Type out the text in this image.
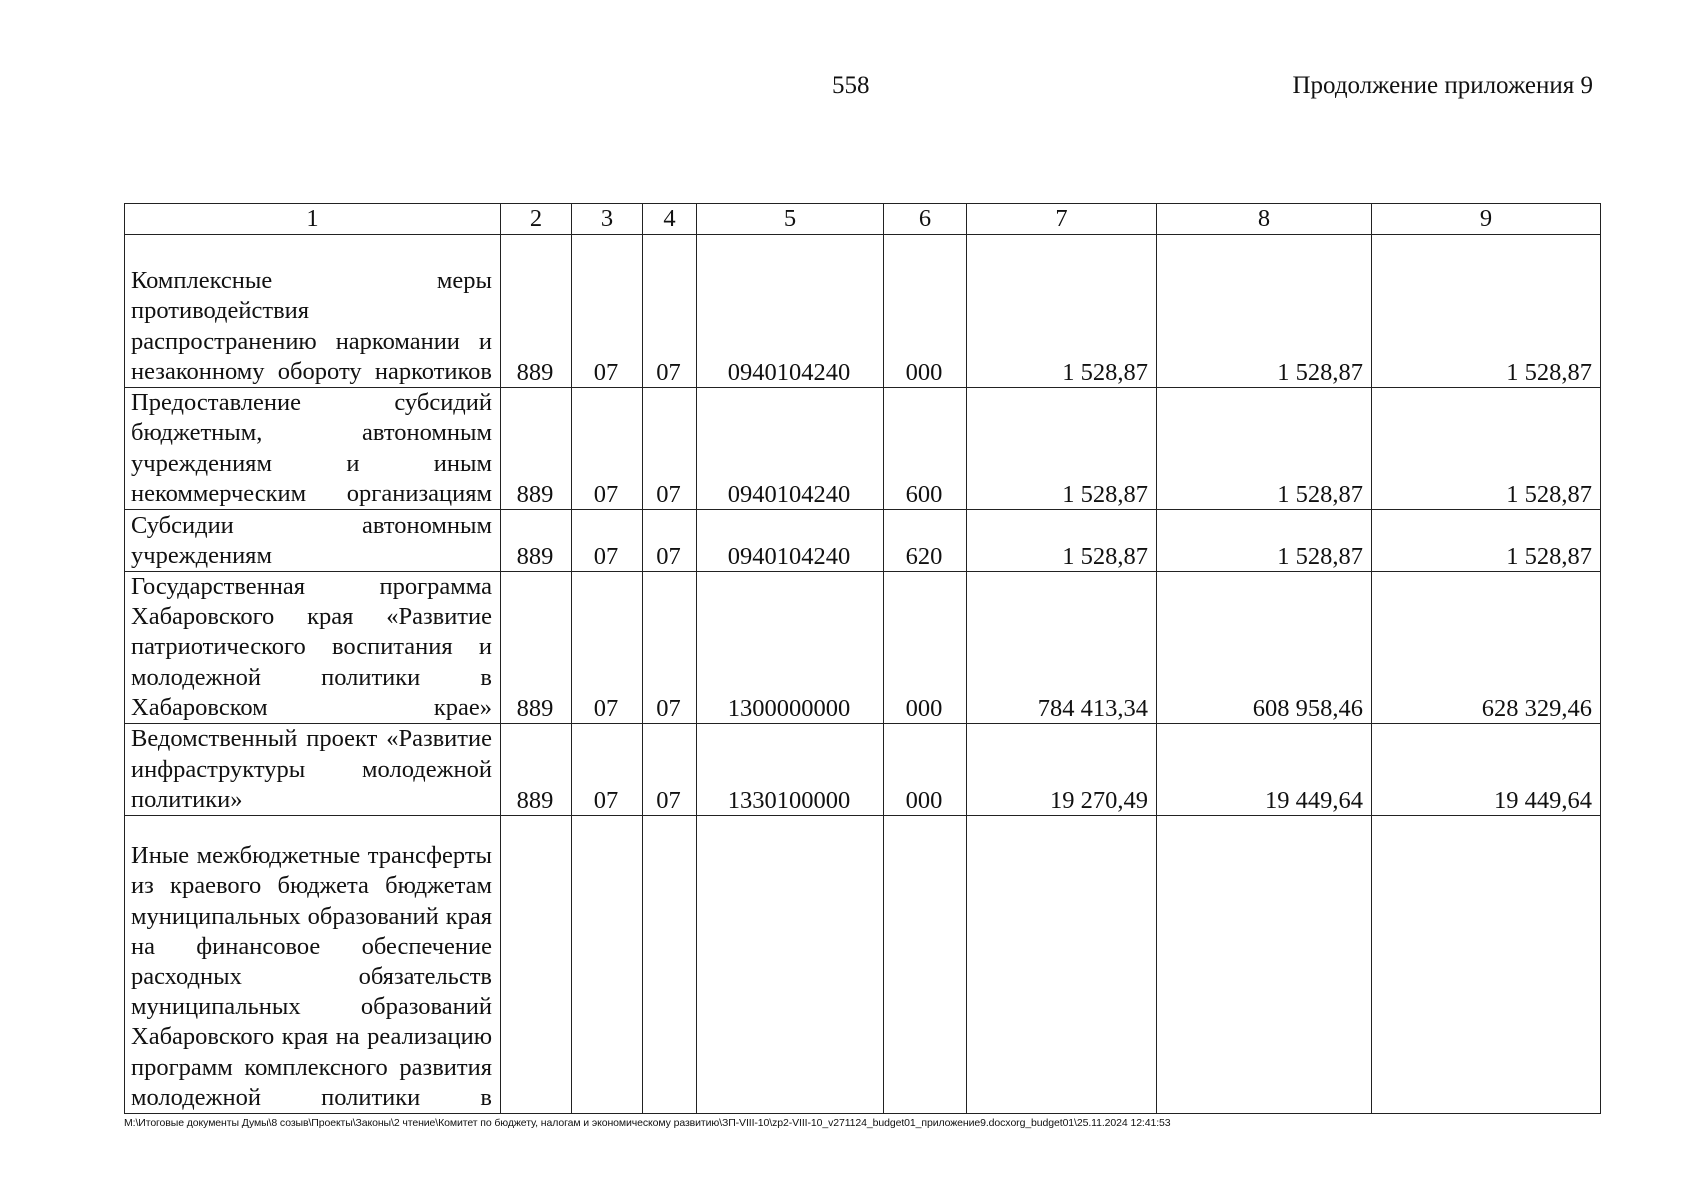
558	Продолжение приложения 9
1	2	3	4	5	6	7	8	9
Комплексные меры противодействия распространению наркомании и незаконному обороту наркотиков	889	07	07	0940104240	000	1 528,87	1 528,87	1 528,87
Предоставление субсидий бюджетным, автономным учреждениям и иным некоммерческим организациям	889	07	07	0940104240	600	1 528,87	1 528,87	1 528,87
Субсидии автономным учреждениям	889	07	07	0940104240	620	1 528,87	1 528,87	1 528,87
Государственная программа Хабаровского края «Развитие патриотического воспитания и молодежной политики в Хабаровском крае»	889	07	07	1300000000	000	784 413,34	608 958,46	628 329,46
Ведомственный проект «Развитие инфраструктуры молодежной политики»	889	07	07	1330100000	000	19 270,49	19 449,64	19 449,64
Иные межбюджетные трансферты из краевого бюджета бюджетам муниципальных образований края на финансовое обеспечение расходных обязательств муниципальных образований Хабаровского края на реализацию программ комплексного развития молодежной политики в								
М:\Итоговые документы Думы\8 созыв\Проекты\Законы\2 чтение\Комитет по бюджету, налогам и экономическому развитию\ЗП-VIII-10\zp2-VIII-10_v271124_budget01_приложение9.docxorg_budget01\25.11.2024 12:41:53
